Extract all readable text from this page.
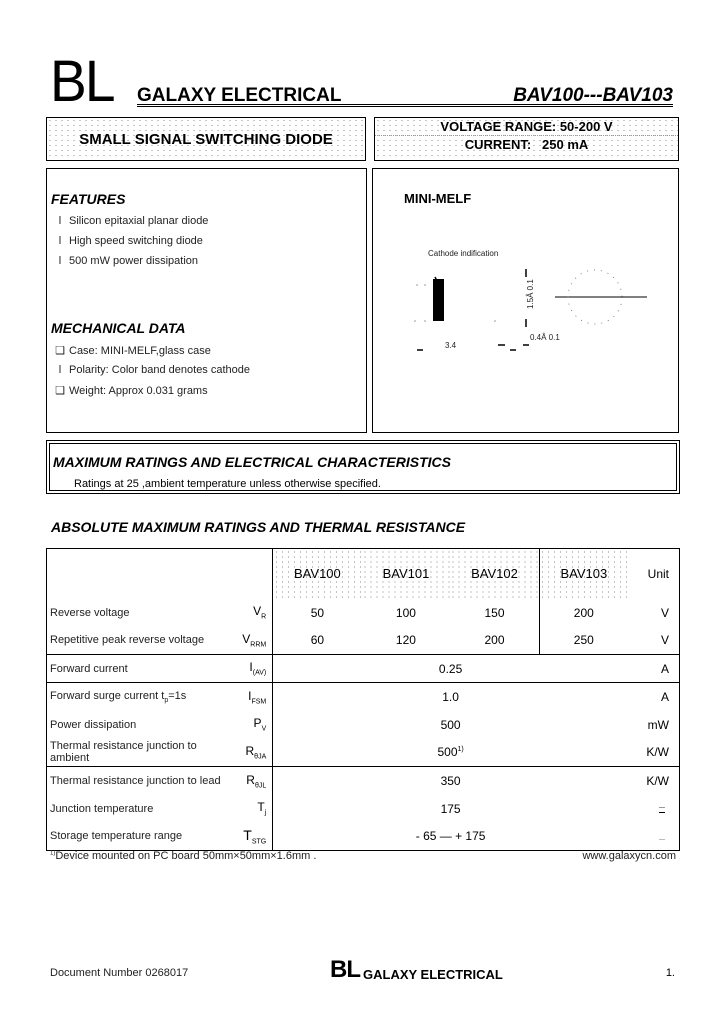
BL GALAXY ELECTRICAL	BAV100---BAV103
SMALL SIGNAL SWITCHING DIODE
VOLTAGE RANGE: 50-200 V
CURRENT: 250 mA
FEATURES
l Silicon epitaxial planar diode
l High speed switching diode
l 500 mW power dissipation
MECHANICAL DATA
❑ Case: MINI-MELF,glass case
l Polarity: Color band denotes cathode
❑ Weight: Approx 0.031 grams
MINI-MELF
Cathode indification
1.5Â 0.1
0.4Â 0.1
3.4
MAXIMUM RATINGS AND ELECTRICAL CHARACTERISTICS
Ratings at 25 ,ambient temperature unless otherwise specified.
ABSOLUTE MAXIMUM RATINGS AND THERMAL RESISTANCE
		BAV100	BAV101	BAV102	BAV103	Unit
Reverse voltage	$V_R$	50	100	150	200	V
Repetitive peak reverse voltage	$V_{RRM}$	60	120	200	250	V
Forward current	$I_{(AV)}$	0.25				A
Forward surge current $t_p=1s$	$I_{FSM}$	1.0				A
Power dissipation	$P_V$	500				mW
Thermal resistance junction to ambient	$R_{\theta JA}$	500$^{1)}$				K/W
Thermal resistance junction to lead	$R_{\theta JL}$	350				K/W
Junction temperature	$T_j$	175				
Storage temperature range	$T_{STG}$	- 65 — + 175				
$^{1)}$Device mounted on PC board 50mm×50mm×1.6mm .	www.galaxycn.com
Document Number 0268017	BL GALAXY ELECTRICAL	1.
